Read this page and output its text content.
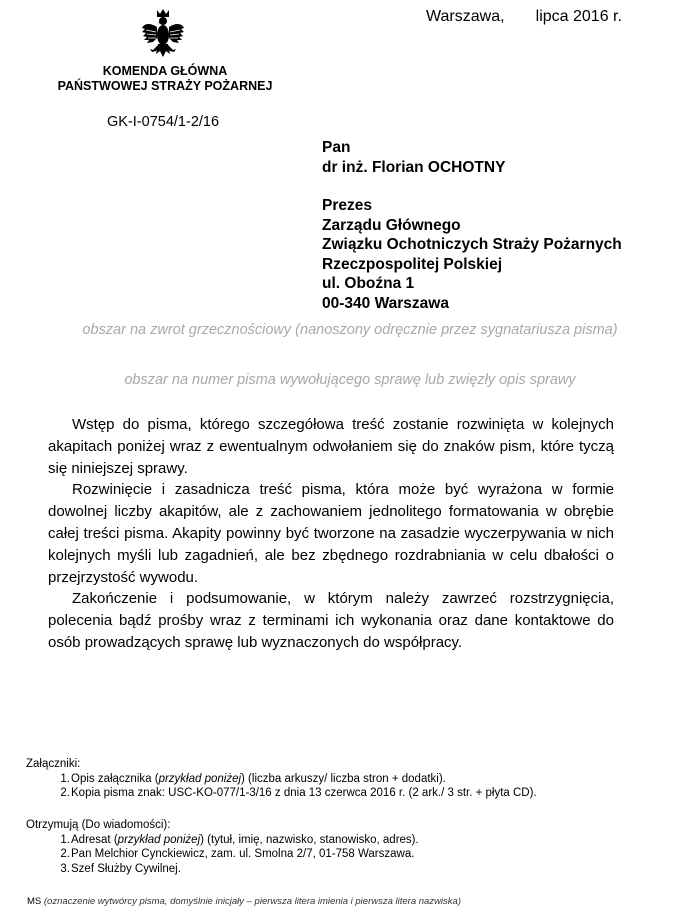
KOMENDA GŁÓWNA
PAŃSTWOWEJ STRAŻY POŻARNEJ
Warszawa, lipca 2016 r.
GK-I-0754/1-2/16
Pan
dr inż. Florian OCHOTNY
Prezes
Zarządu Głównego
Związku Ochotniczych Straży Pożarnych
Rzeczpospolitej Polskiej
ul. Oboźna 1
00-340 Warszawa
obszar na zwrot grzecznościowy (nanoszony odręcznie przez sygnatariusza pisma)
obszar na numer pisma wywołującego sprawę lub zwięzły opis sprawy

Wstęp do pisma, którego szczegółowa treść zostanie rozwinięta w kolejnych akapitach poniżej wraz z ewentualnym odwołaniem się do znaków pism, które tyczą się niniejszej sprawy.

Rozwinięcie i zasadnicza treść pisma, która może być wyrażona w formie dowolnej liczby akapitów, ale z zachowaniem jednolitego formatowania w obrębie całej treści pisma. Akapity powinny być tworzone na zasadzie wyczerpywania w nich kolejnych myśli lub zagadnień, ale bez zbędnego rozdrabniania w celu dbałości o przejrzystość wywodu.

Zakończenie i podsumowanie, w którym należy zawrzeć rozstrzygnięcia, polecenia bądź prośby wraz z terminami ich wykonania oraz dane kontaktowe do osób prowadzących sprawę lub wyznaczonych do współpracy.

Załączniki:
1. Opis załącznika (przykład poniżej) (liczba arkuszy/ liczba stron + dodatki).
2. Kopia pisma znak: USC-KO-077/1-3/16 z dnia 13 czerwca 2016 r. (2 ark./ 3 str. + płyta CD).
Otrzymują (Do wiadomości):
1. Adresat (przykład poniżej) (tytuł, imię, nazwisko, stanowisko, adres).
2. Pan Melchior Cynckiewicz, zam. ul. Smolna 2/7, 01-758 Warszawa.
3. Szef Służby Cywilnej.
MS (oznaczenie wytwórcy pisma, domyślnie inicjały – pierwsza litera imienia i pierwsza litera nazwiska)
